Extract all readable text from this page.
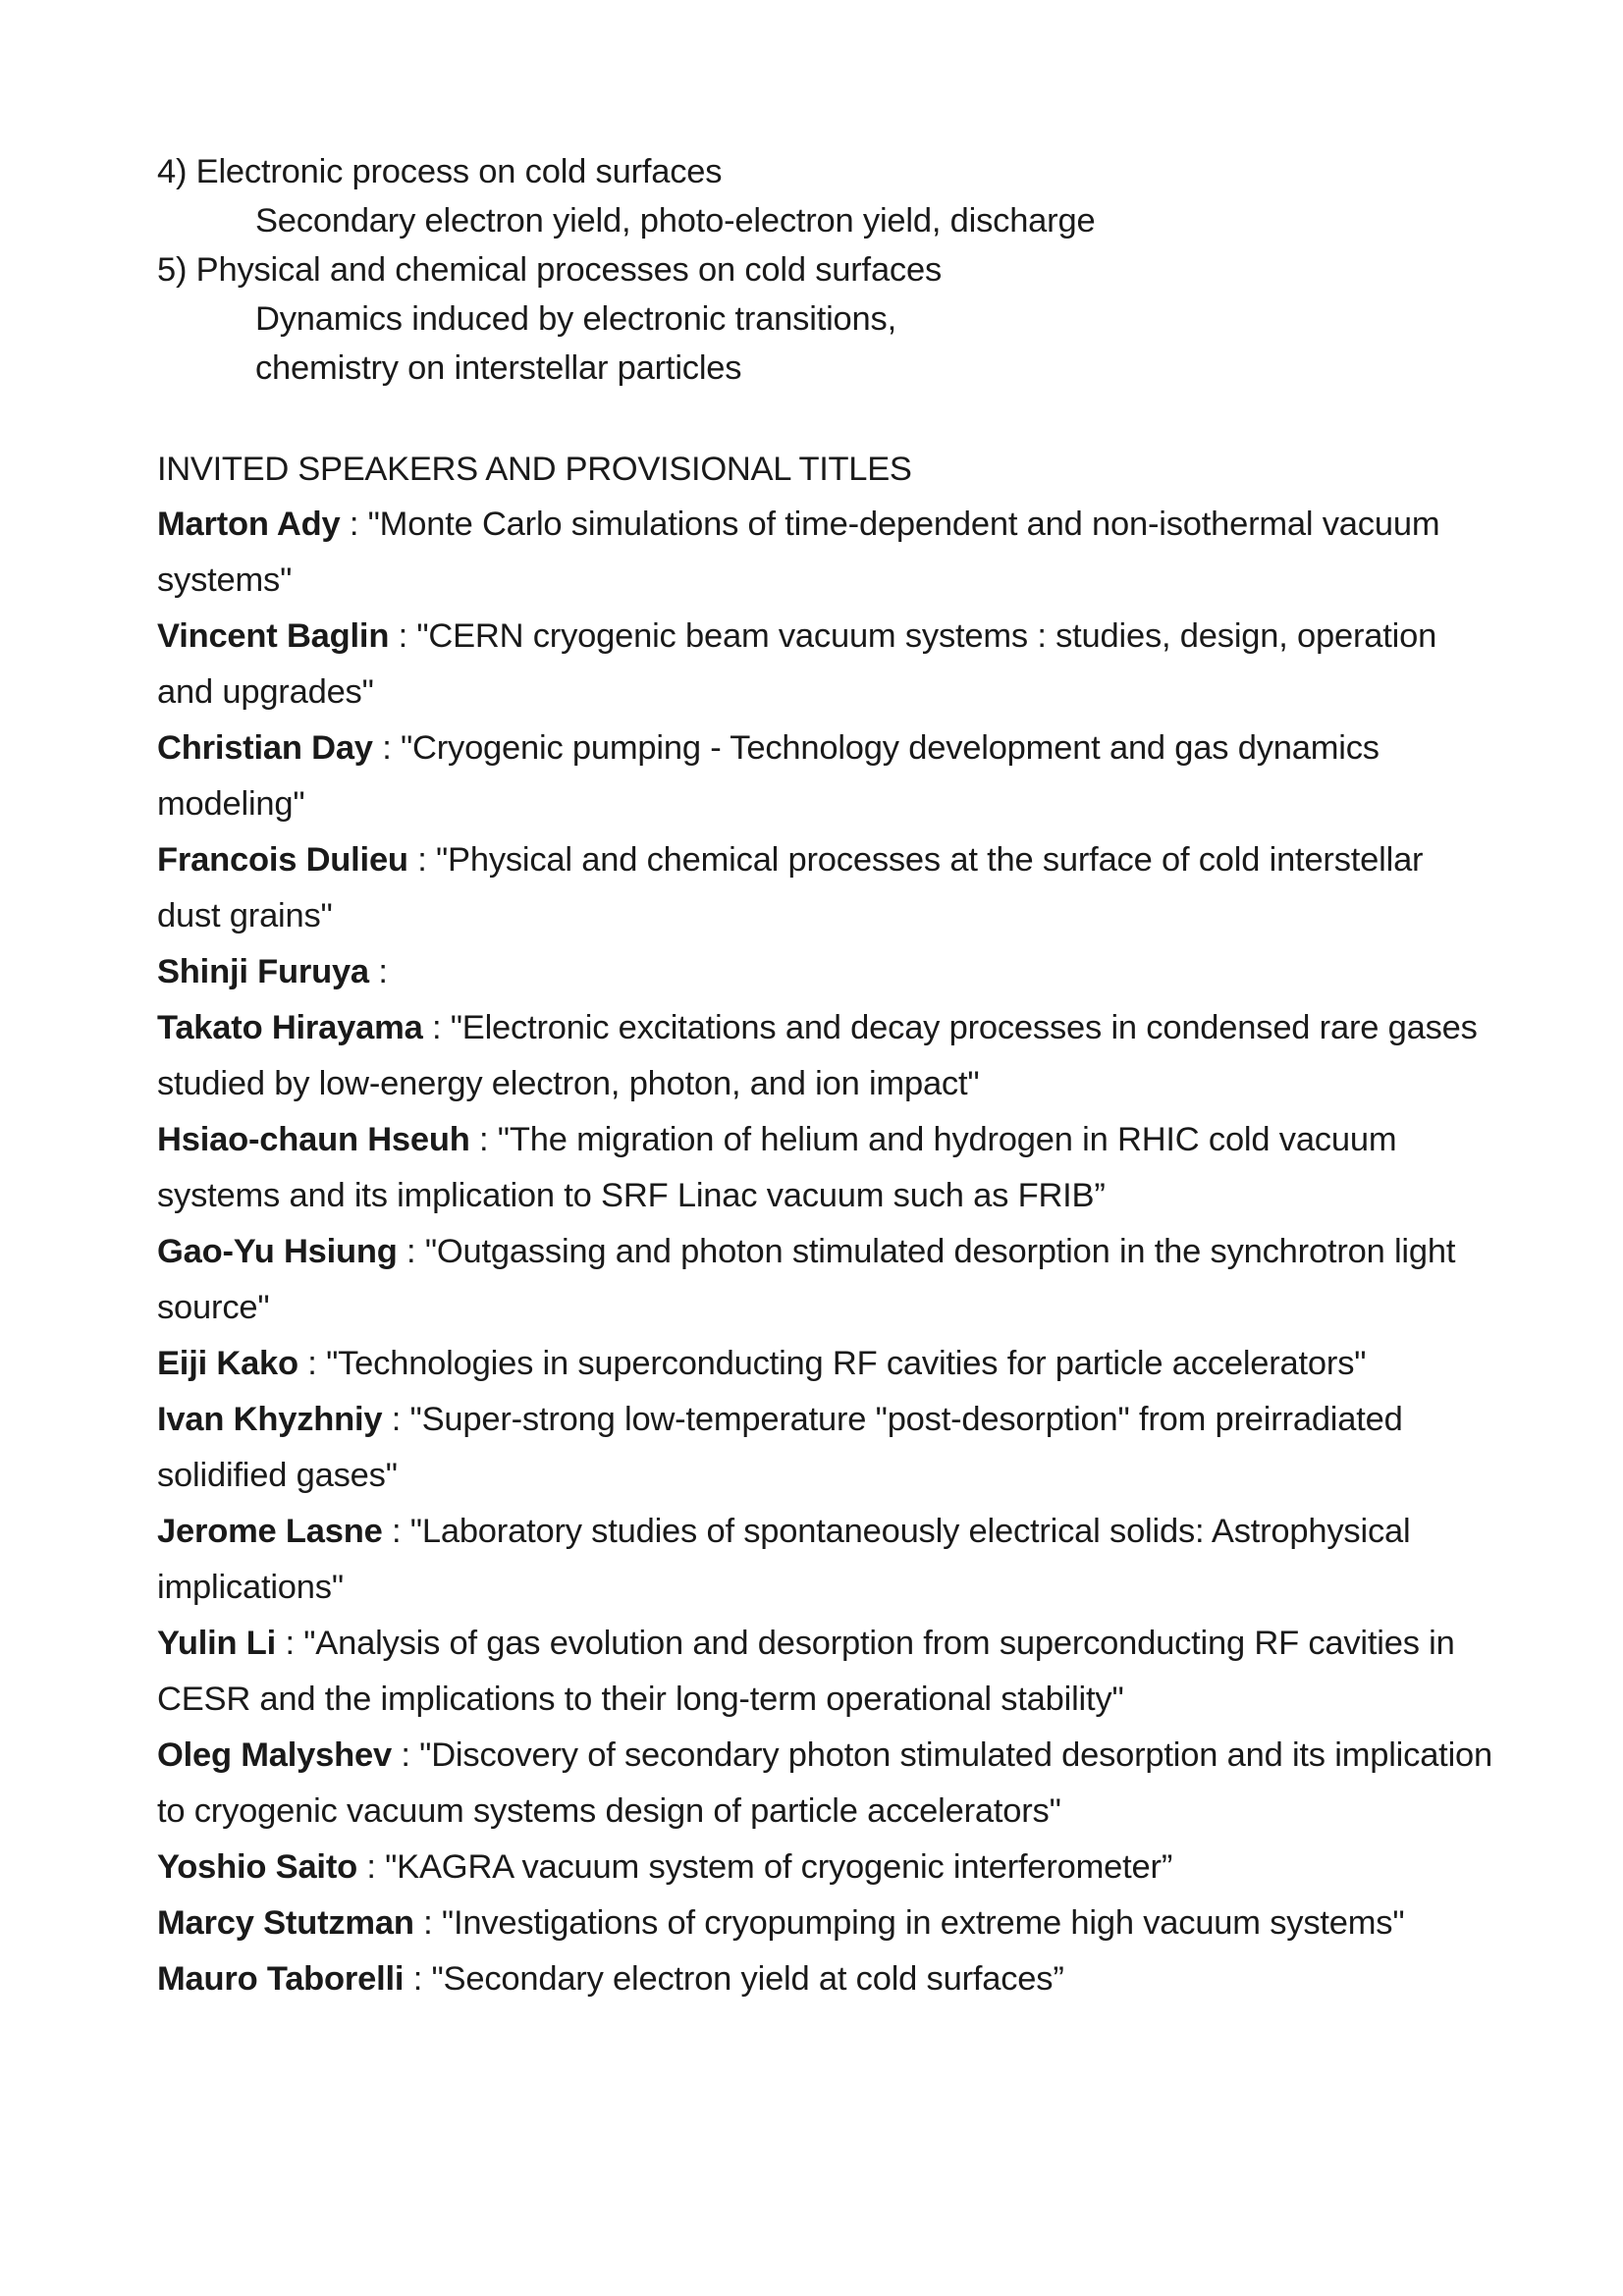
4) Electronic process on cold surfaces
Secondary electron yield, photo-electron yield, discharge
5) Physical and chemical processes on cold surfaces
Dynamics induced by electronic transitions,
chemistry on interstellar particles
INVITED SPEAKERS AND PROVISIONAL TITLES

Marton Ady : "Monte Carlo simulations of time-dependent and non-isothermal vacuum systems"

Vincent Baglin : "CERN cryogenic beam vacuum systems : studies, design, operation and upgrades"

Christian Day : "Cryogenic pumping - Technology development and gas dynamics modeling"

Francois Dulieu : "Physical and chemical processes at the surface of cold interstellar dust grains"

Shinji Furuya :

Takato Hirayama : "Electronic excitations and decay processes in condensed rare gases studied by low-energy electron, photon, and ion impact"

Hsiao-chaun Hseuh : "The migration of helium and hydrogen in RHIC cold vacuum systems and its implication to SRF Linac vacuum such as FRIB”

Gao-Yu Hsiung : "Outgassing and photon stimulated desorption in the synchrotron light source"

Eiji Kako : "Technologies in superconducting RF cavities for particle accelerators"

Ivan Khyzhniy : "Super-strong low-temperature "post-desorption" from preirradiated solidified gases"

Jerome Lasne : "Laboratory studies of spontaneously electrical solids: Astrophysical implications"

Yulin Li : "Analysis of gas evolution and desorption from superconducting RF cavities in CESR and the implications to their long-term operational stability"

Oleg Malyshev : "Discovery of secondary photon stimulated desorption and its implication to cryogenic vacuum systems design of particle accelerators"

Yoshio Saito : "KAGRA vacuum system of cryogenic interferometer”

Marcy Stutzman : "Investigations of cryopumping in extreme high vacuum systems"

Mauro Taborelli : "Secondary electron yield at cold surfaces”
